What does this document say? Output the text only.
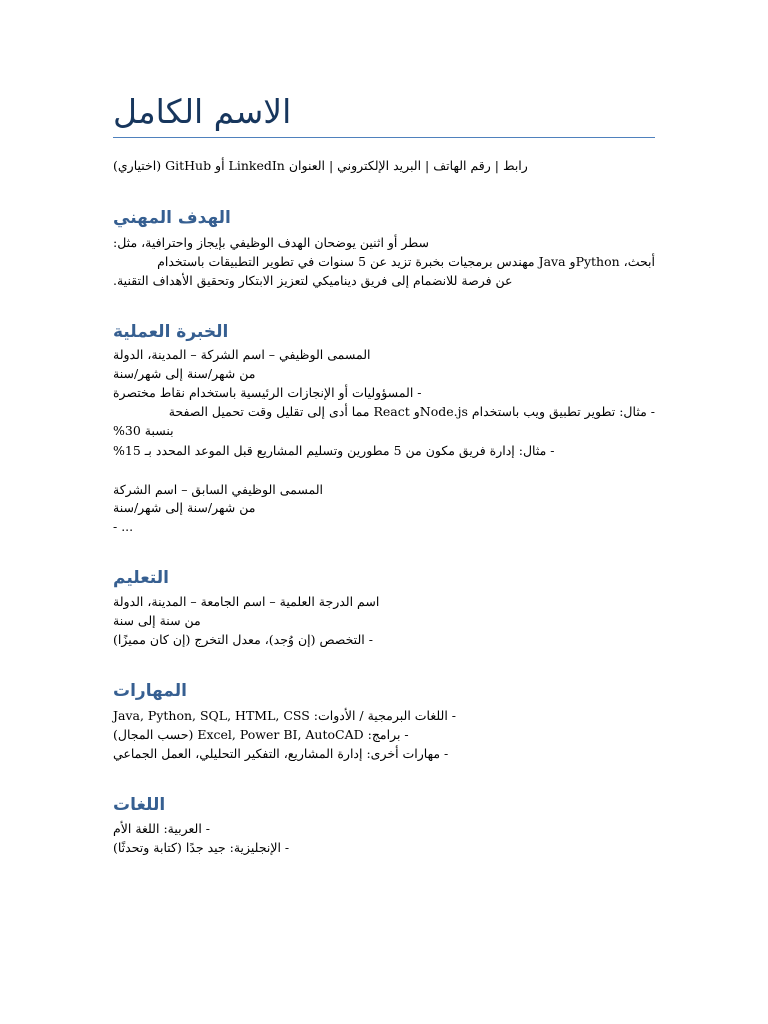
الاسم الكامل
رابط | رقم الهاتف | البريد الإلكتروني | العنوان LinkedIn أو GitHub (اختياري)
الهدف المهني
سطر أو اثنين يوضحان الهدف الوظيفي بإيجاز واحترافية، مثل:
أبحث، Pythonو Java مهندس برمجيات بخبرة تزيد عن 5 سنوات في تطوير التطبيقات باستخدام
عن فرصة للانضمام إلى فريق ديناميكي لتعزيز الابتكار وتحقيق الأهداف التقنية.
الخبرة العملية
المسمى الوظيفي – اسم الشركة – المدينة، الدولة
من شهر/سنة إلى شهر/سنة
- المسؤوليات أو الإنجازات الرئيسية باستخدام نقاط مختصرة
- مثال: تطوير تطبيق ويب باستخدام Node.jsو React مما أدى إلى تقليل وقت تحميل الصفحة
بنسبة 30%
- مثال: إدارة فريق مكون من 5 مطورين وتسليم المشاريع قبل الموعد المحدد بـ 15%
المسمى الوظيفي السابق – اسم الشركة
من شهر/سنة إلى شهر/سنة
- ...
التعليم
اسم الدرجة العلمية – اسم الجامعة – المدينة، الدولة
من سنة إلى سنة
- التخصص (إن وُجد)، معدل التخرج (إن كان مميزًا)
المهارات
- اللغات البرمجية / الأدوات: Java, Python, SQL, HTML, CSS
- برامج: Excel, Power BI, AutoCAD (حسب المجال)
- مهارات أخرى: إدارة المشاريع، التفكير التحليلي، العمل الجماعي
اللغات
- العربية: اللغة الأم
- الإنجليزية: جيد جدًا (كتابة وتحدثًا)
